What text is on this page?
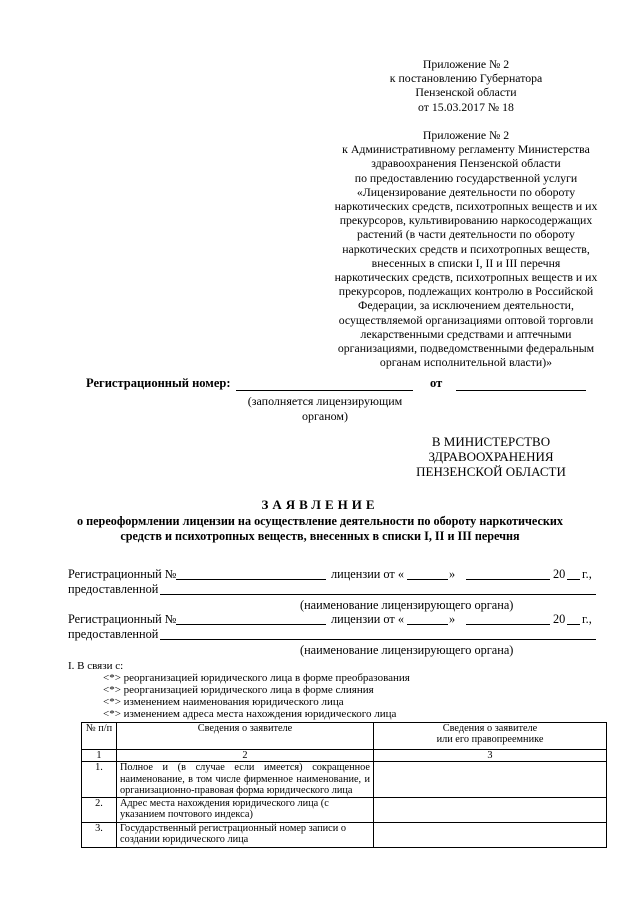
Приложение № 2
к постановлению Губернатора
Пензенской области
от 15.03.2017 № 18
Приложение № 2
к Административному регламенту Министерства
здравоохранения Пензенской области
по предоставлению государственной услуги
«Лицензирование деятельности по обороту
наркотических средств, психотропных веществ и их
прекурсоров, культивированию наркосодержащих
растений (в части деятельности по обороту
наркотических средств и психотропных веществ,
внесенных в списки I, II и III перечня
наркотических средств, психотропных веществ и их
прекурсоров, подлежащих контролю в Российской
Федерации, за исключением деятельности,
осуществляемой организациями оптовой торговли
лекарственными средствами и аптечными
организациями, подведомственными федеральным
органам исполнительной власти)»
Регистрационный номер:	от
(заполняется лицензирующим
органом)
В МИНИСТЕРСТВО
ЗДРАВООХРАНЕНИЯ
ПЕНЗЕНСКОЙ ОБЛАСТИ
ЗАЯВЛЕНИЕ
о переоформлении лицензии на осуществление деятельности по обороту наркотических
средств и психотропных веществ, внесенных в списки I, II и III перечня
Регистрационный №	лицензии от «	»	20 г.,
предоставленной
(наименование лицензирующего органа)
Регистрационный №	лицензии от «	»	20 г.,
предоставленной
(наименование лицензирующего органа)
I. В связи с:
<*> реорганизацией юридического лица в форме преобразования
<*> реорганизацией юридического лица в форме слияния
<*> изменением наименования юридического лица
<*> изменением адреса места нахождения юридического лица
№ п/п	Сведения о заявителе	Сведения о заявителе
или его правопреемнике

1	2	3
1.	Полное и (в случае если имеется) сокращенное наименование, в том числе фирменное наименование, и организационно-правовая форма юридического лица	
2.	Адрес места нахождения юридического лица (с указанием почтового индекса)	
3.	Государственный регистрационный номер записи о создании юридического лица	
